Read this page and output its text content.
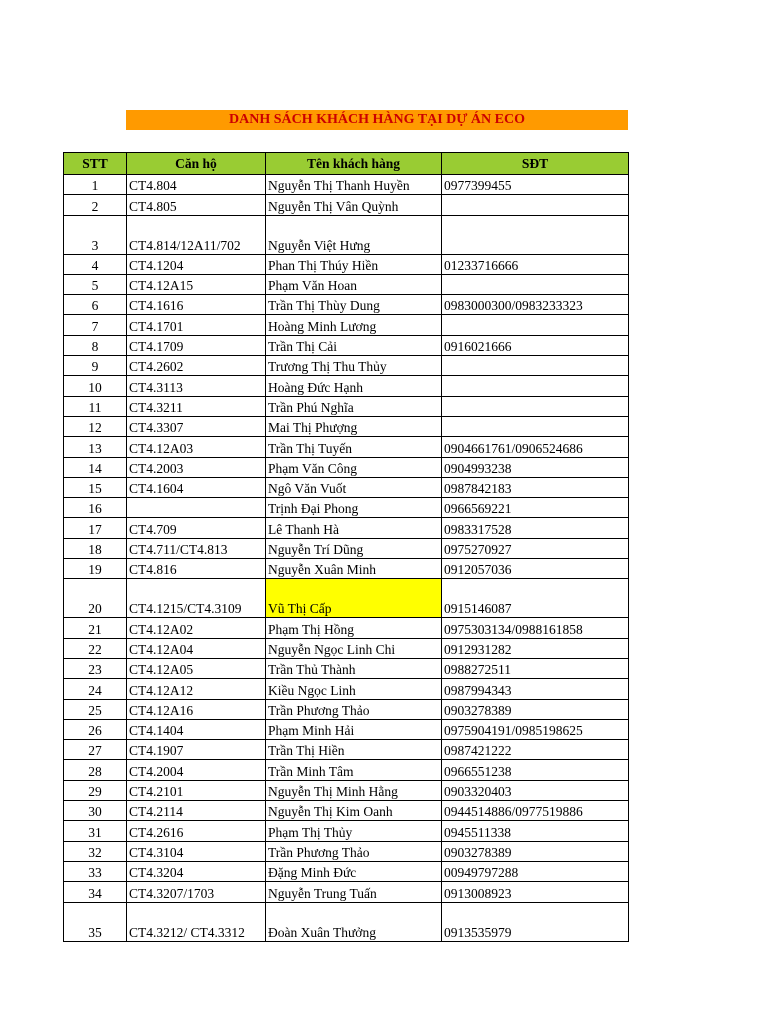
DANH SÁCH KHÁCH HÀNG TẠI DỰ ÁN ECO
STT	Căn hộ	Tên khách hàng	SĐT
1	CT4.804	Nguyễn Thị Thanh Huyền	0977399455
2	CT4.805	Nguyễn Thị Vân Quỳnh	
3	CT4.814/12A11/702	Nguyễn Việt Hưng	
4	CT4.1204	Phan Thị Thúy Hiền	01233716666
5	CT4.12A15	Phạm Văn Hoan	
6	CT4.1616	Trần Thị Thùy Dung	0983000300/0983233323
7	CT4.1701	Hoàng Minh Lương	
8	CT4.1709	Trần Thị Cải	0916021666
9	CT4.2602	Trương Thị Thu Thủy	
10	CT4.3113	Hoàng Đức Hạnh	
11	CT4.3211	Trần Phú Nghĩa	
12	CT4.3307	Mai Thị Phượng	
13	CT4.12A03	Trần Thị Tuyến	0904661761/0906524686
14	CT4.2003	Phạm Văn Công	0904993238
15	CT4.1604	Ngô Văn Vuốt	0987842183
16		Trịnh Đại Phong	0966569221
17	CT4.709	Lê Thanh Hà	0983317528
18	CT4.711/CT4.813	Nguyễn Trí Dũng	0975270927
19	CT4.816	Nguyễn Xuân Minh	0912057036
20	CT4.1215/CT4.3109	Vũ Thị Cấp	0915146087
21	CT4.12A02	Phạm Thị Hồng	0975303134/0988161858
22	CT4.12A04	Nguyễn Ngọc Linh Chi	0912931282
23	CT4.12A05	Trần Thủ Thành	0988272511
24	CT4.12A12	Kiều Ngọc Linh	0987994343
25	CT4.12A16	Trần Phương Thảo	0903278389
26	CT4.1404	Phạm Minh Hải	0975904191/0985198625
27	CT4.1907	Trần Thị Hiền	0987421222
28	CT4.2004	Trần Minh Tâm	0966551238
29	CT4.2101	Nguyễn Thị Minh Hằng	0903320403
30	CT4.2114	Nguyễn Thị Kim Oanh	0944514886/0977519886
31	CT4.2616	Phạm Thị Thủy	0945511338
32	CT4.3104	Trần Phương Thảo	0903278389
33	CT4.3204	Đặng Minh Đức	00949797288
34	CT4.3207/1703	Nguyễn Trung Tuấn	0913008923
35	CT4.3212/ CT4.3312	Đoàn Xuân Thưởng	0913535979
